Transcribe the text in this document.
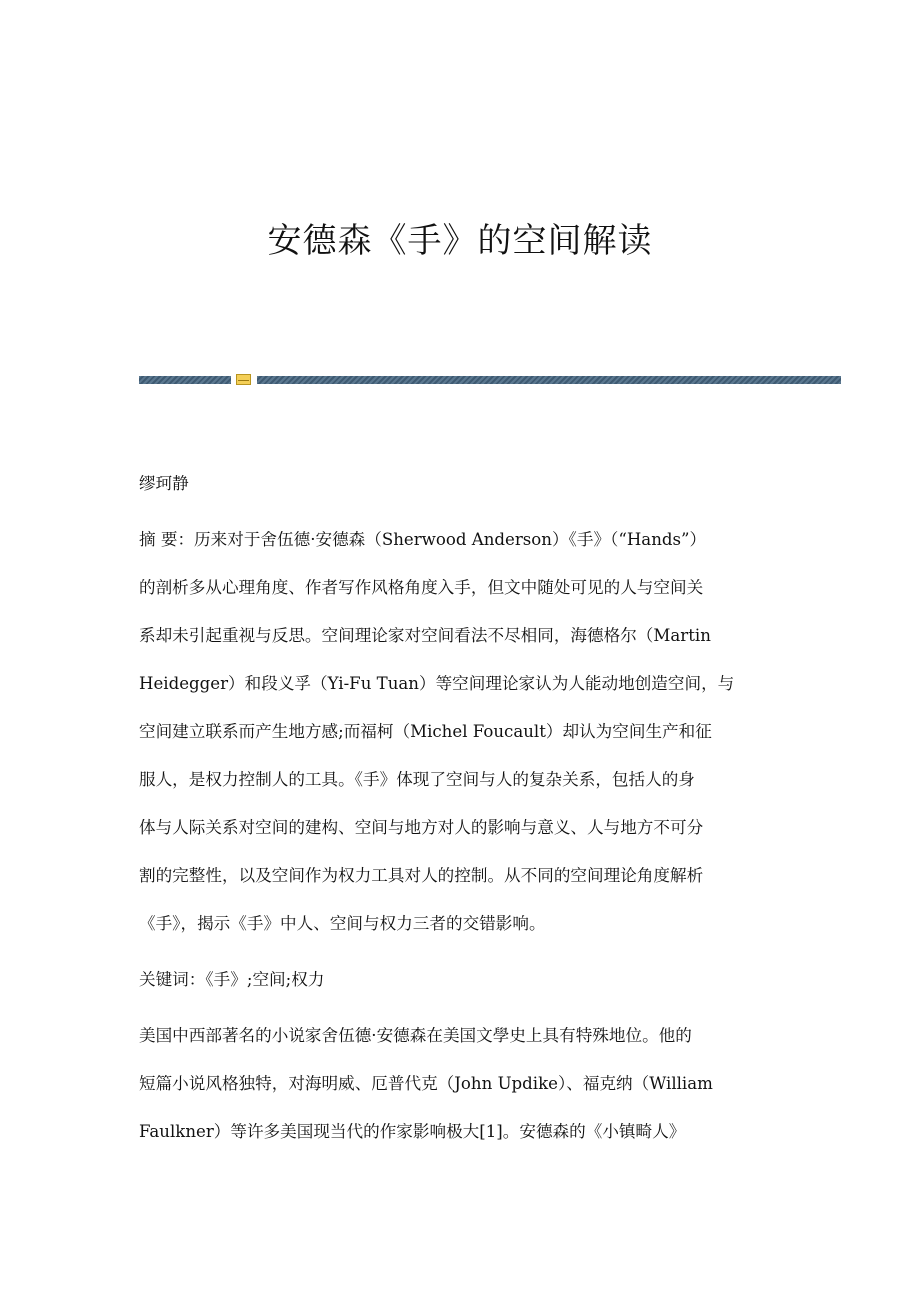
安德森《手》的空间解读
缪珂静
摘 要：历来对于舍伍德·安德森（Sherwood Anderson）《手》（“Hands”）
的剖析多从心理角度、作者写作风格角度入手，但文中随处可见的人与空间关
系却未引起重视与反思。空间理论家对空间看法不尽相同，海德格尔（Martin
Heidegger）和段义孚（Yi-Fu Tuan）等空间理论家认为人能动地创造空间，与
空间建立联系而产生地方感;而福柯（Michel Foucault）却认为空间生产和征
服人，是权力控制人的工具。《手》体现了空间与人的复杂关系，包括人的身
体与人际关系对空间的建构、空间与地方对人的影响与意义、人与地方不可分
割的完整性，以及空间作为权力工具对人的控制。从不同的空间理论角度解析
《手》，揭示《手》中人、空间与权力三者的交错影响。
关键词：《手》;空间;权力
美国中西部著名的小说家舍伍德·安德森在美国文學史上具有特殊地位。他的
短篇小说风格独特，对海明威、厄普代克（John Updike）、福克纳（William
Faulkner）等许多美国现当代的作家影响极大[1]。安德森的《小镇畸人》
